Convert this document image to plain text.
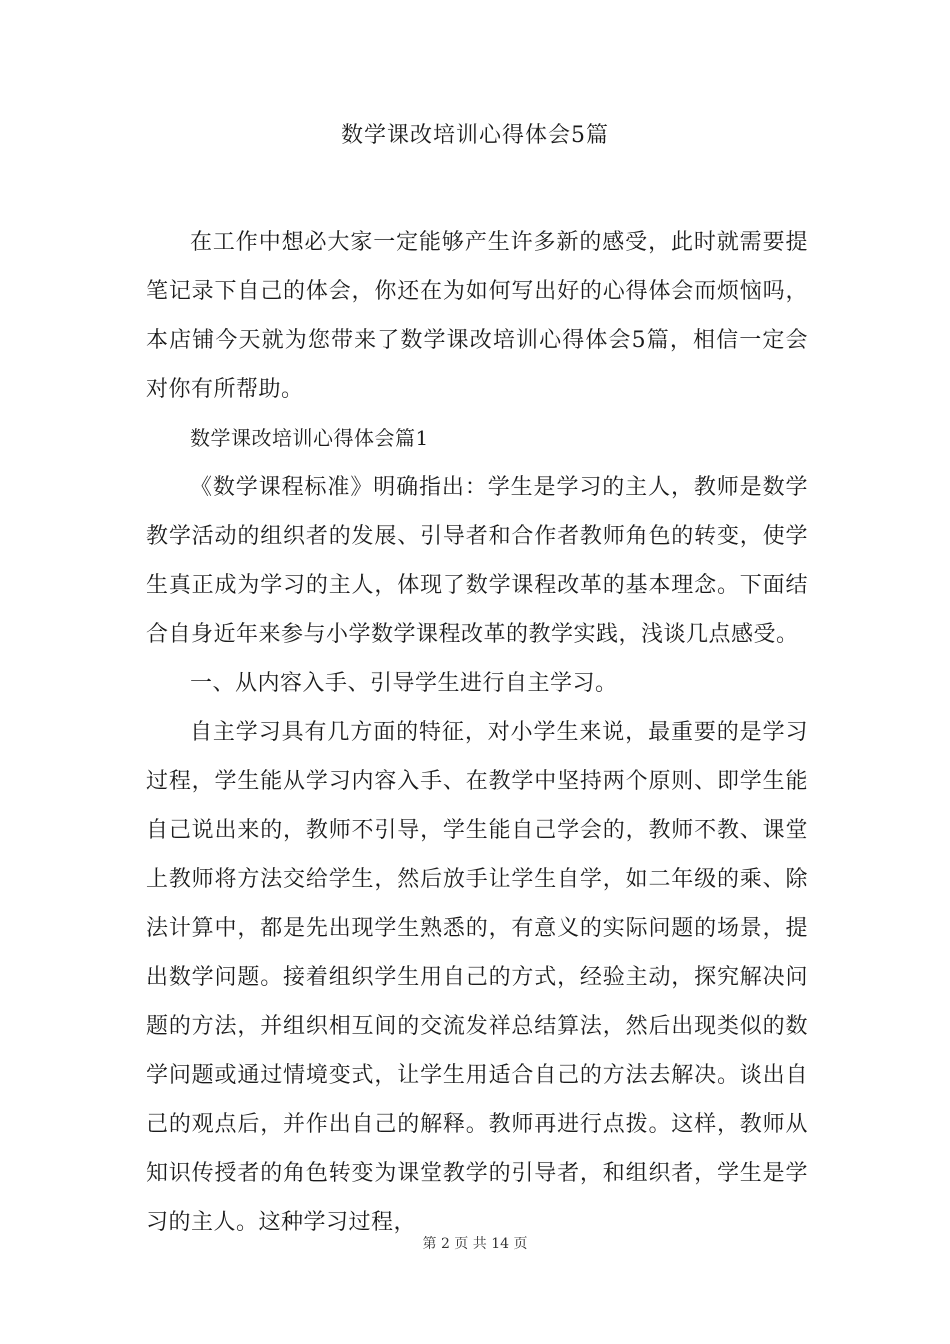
数学课改培训心得体会5篇

在工作中想必大家一定能够产生许多新的感受，此时就需要提笔记录下自己的体会，你还在为如何写出好的心得体会而烦恼吗，本店铺今天就为您带来了数学课改培训心得体会5篇，相信一定会对你有所帮助。

数学课改培训心得体会篇1

《数学课程标准》明确指出：学生是学习的主人，教师是数学教学活动的组织者的发展、引导者和合作者教师角色的转变，使学生真正成为学习的主人，体现了数学课程改革的基本理念。下面结合自身近年来参与小学数学课程改革的教学实践，浅谈几点感受。

一、从内容入手、引导学生进行自主学习。

自主学习具有几方面的特征，对小学生来说，最重要的是学习过程，学生能从学习内容入手、在教学中坚持两个原则、即学生能自己说出来的，教师不引导，学生能自己学会的，教师不教、课堂上教师将方法交给学生，然后放手让学生自学，如二年级的乘、除法计算中，都是先出现学生熟悉的，有意义的实际问题的场景，提出数学问题。接着组织学生用自己的方式，经验主动，探究解决问题的方法，并组织相互间的交流发祥总结算法，然后出现类似的数学问题或通过情境变式，让学生用适合自己的方法去解决。谈出自己的观点后，并作出自己的解释。教师再进行点拨。这样，教师从知识传授者的角色转变为课堂教学的引导者，和组织者，学生是学习的主人。这种学习过程，

第 2 页 共 14 页
